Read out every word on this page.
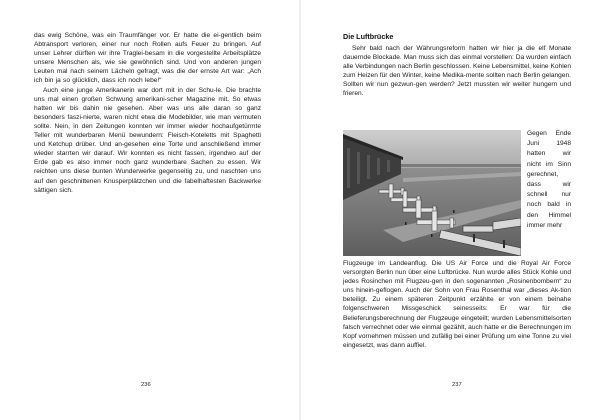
das ewig Schöne, was ein Traumfänger vor. Er hatte die ei-gentlich beim Abtransport verloren, einer nur noch Rollen aufs Feuer zu bringen. Auf unser Lehrer dürften wir ihre Traglei-besam in die vorgestellte Arbeitsplätze unsere Menschen als, wie sie gewöhnlich sind. Und von anderen jungen Leuten mal nach seinem Lächeln gefragt, was die der ernste Art war: „Ach ich bin ja so glücklich, dass ich noch lebe!“

Auch eine junge Amerikanerin war dort mit in der Schu-le. Die brachte uns mal einen großen Schwung amerikani-scher Magazine mit. So etwas hatten wir bis dahin nie gesehen. Aber was uns alle daran so ganz besonders faszi-nierte, waren nicht etwa die Modebilder, wie man vermuten sollte. Nein, in den Zeitungen konnten wir immer wieder hochaufgetürmte Teller mit wunderbaren Menü bewundern: Fleisch-Koteletts mit Spaghetti und Ketchup drüber. Und an-gesehen eine Torte und anschließend immer wieder starrten wir darauf. Wir konnten es nicht fassen, irgendwo auf der Erde gab es also immer noch ganz wunderbare Sachen zu essen. Wir reichten uns diese bunten Wunderwerke gegenseitig zu, und naschten uns auf den geschnittenen Knusperplätzchen und die fabelhaftesten Backwerke sättigen sich.

236
Die Luftbrücke

Sehr bald nach der Währungsreform hatten wir hier ja die elf Monate dauernde Blockade. Man muss sich das einmal vorstellen: Da wurden einfach alle Verbindungen nach Berlin geschlossen. Keine Lebensmittel, keine Kohlen zum Heizen für den Winter, keine Medika-mente sollten nach Berlin gelangen. Sollten wir nun gezwun-gen werden? Jetzt mussten wir weiter hungern und frieren.

Gegen Ende Juni 1948 hatten wir nicht im Sinn gerechnet, dass wir schnell nur noch bald in den Himmel immer mehr

Flugzeuge im Landeanflug. Die US Air Force und die Royal Air Force versorgten Berlin nun über eine Luftbrücke. Nun wurde alles Stück Kohle und jedes Rosinchen mit Flugzeu-gen in den sogenannten „Rosinenbombern“ zu uns hinein-geflogen. Auch der Sohn von Frau Rosenthal war „dieses Ak-tion beteiligt. Zu einem späteren Zeitpunkt erzählte er von einem beinahe folgenschweren Missgeschick seinesseits: Er war für die Belieferungsberechnung der Flugzeuge eingeteilt; wurden Lebensmittelsorten falsch verrechnet oder wie einmal gezählt, auch hatte er die Berechnungen im Kopf vornehmen müssen und zufällig bei einer Prüfung um eine Tonne zu viel eingesetzt, was dann auffiel.

237
